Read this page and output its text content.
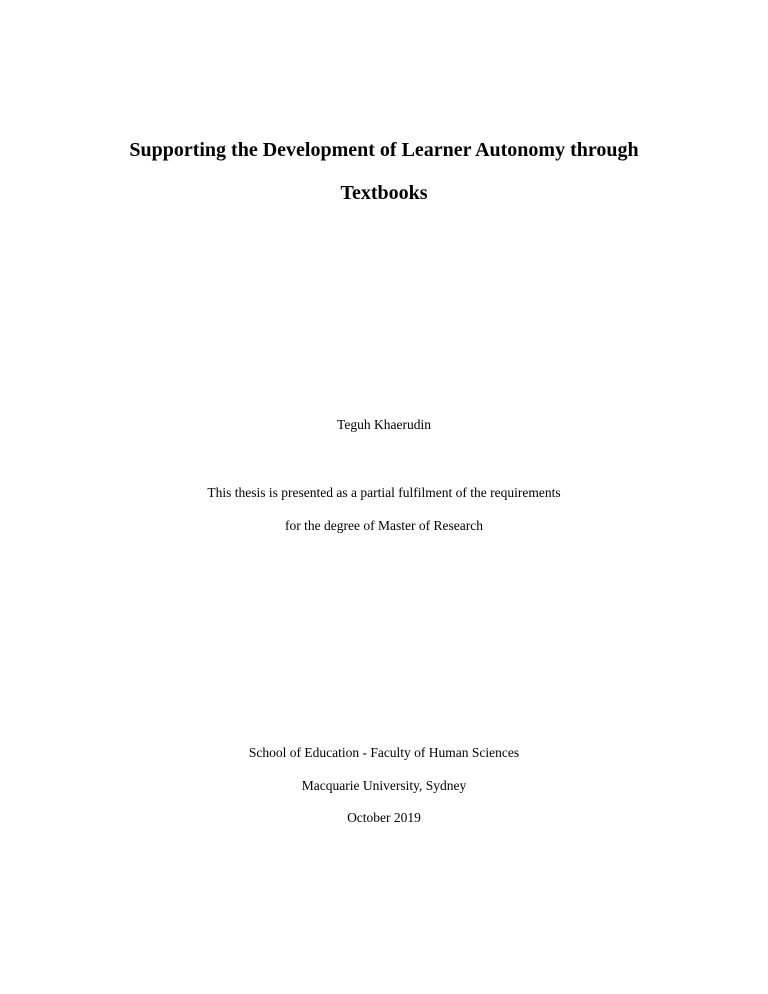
Supporting the Development of Learner Autonomy through
Textbooks
Teguh Khaerudin
This thesis is presented as a partial fulfilment of the requirements
for the degree of Master of Research
School of Education - Faculty of Human Sciences
Macquarie University, Sydney
October 2019
